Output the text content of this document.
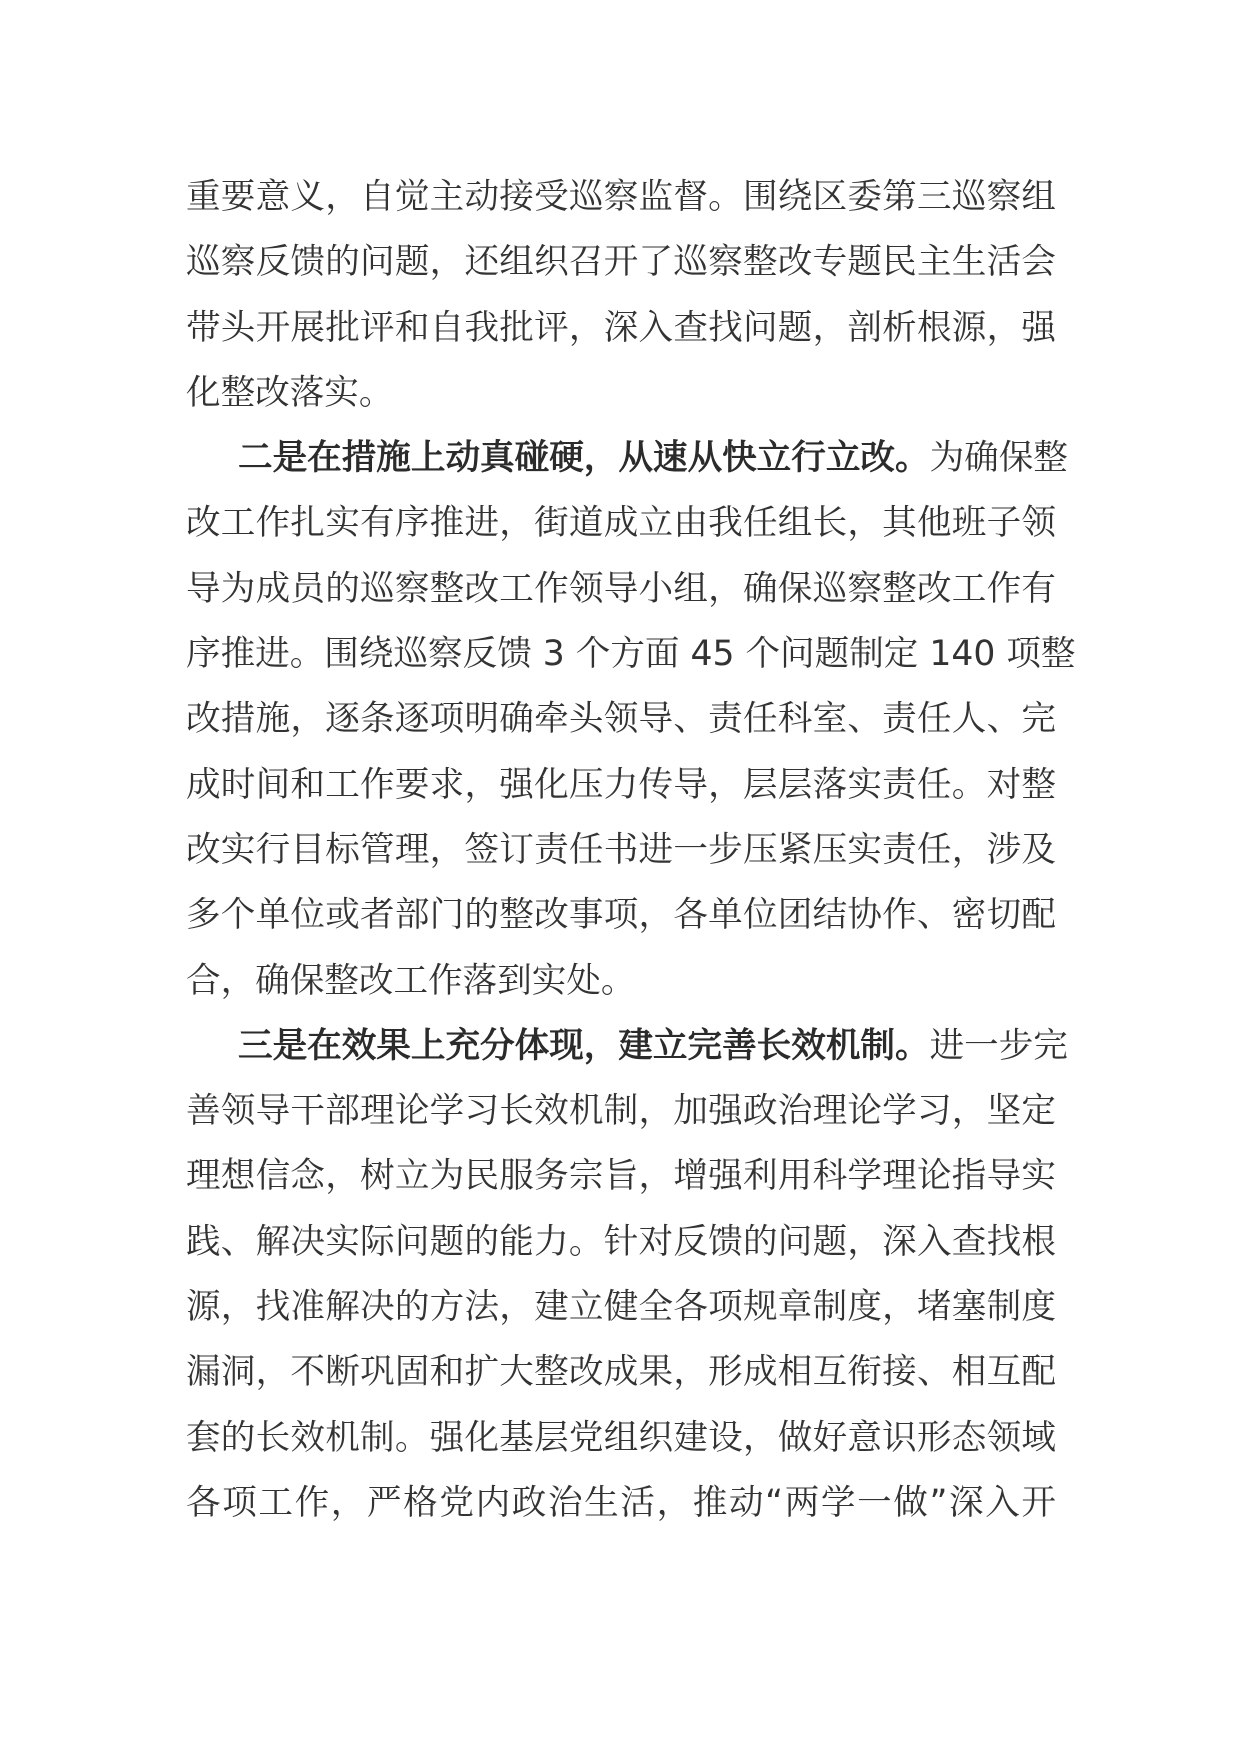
重要意义，自觉主动接受巡察监督。围绕区委第三巡察组
巡察反馈的问题，还组织召开了巡察整改专题民主生活会
带头开展批评和自我批评，深入查找问题，剖析根源，强
化整改落实。
二是在措施上动真碰硬，从速从快立行立改。为确保整
改工作扎实有序推进，街道成立由我任组长，其他班子领
导为成员的巡察整改工作领导小组，确保巡察整改工作有
序推进。围绕巡察反馈 3 个方面 45 个问题制定 140 项整
改措施，逐条逐项明确牵头领导、责任科室、责任人、完
成时间和工作要求，强化压力传导，层层落实责任。对整
改实行目标管理，签订责任书进一步压紧压实责任，涉及
多个单位或者部门的整改事项，各单位团结协作、密切配
合，确保整改工作落到实处。
三是在效果上充分体现，建立完善长效机制。进一步完
善领导干部理论学习长效机制，加强政治理论学习，坚定
理想信念，树立为民服务宗旨，增强利用科学理论指导实
践、解决实际问题的能力。针对反馈的问题，深入查找根
源，找准解决的方法，建立健全各项规章制度，堵塞制度
漏洞，不断巩固和扩大整改成果，形成相互衔接、相互配
套的长效机制。强化基层党组织建设，做好意识形态领域
各项工作，严格党内政治生活，推动“两学一做”深入开
